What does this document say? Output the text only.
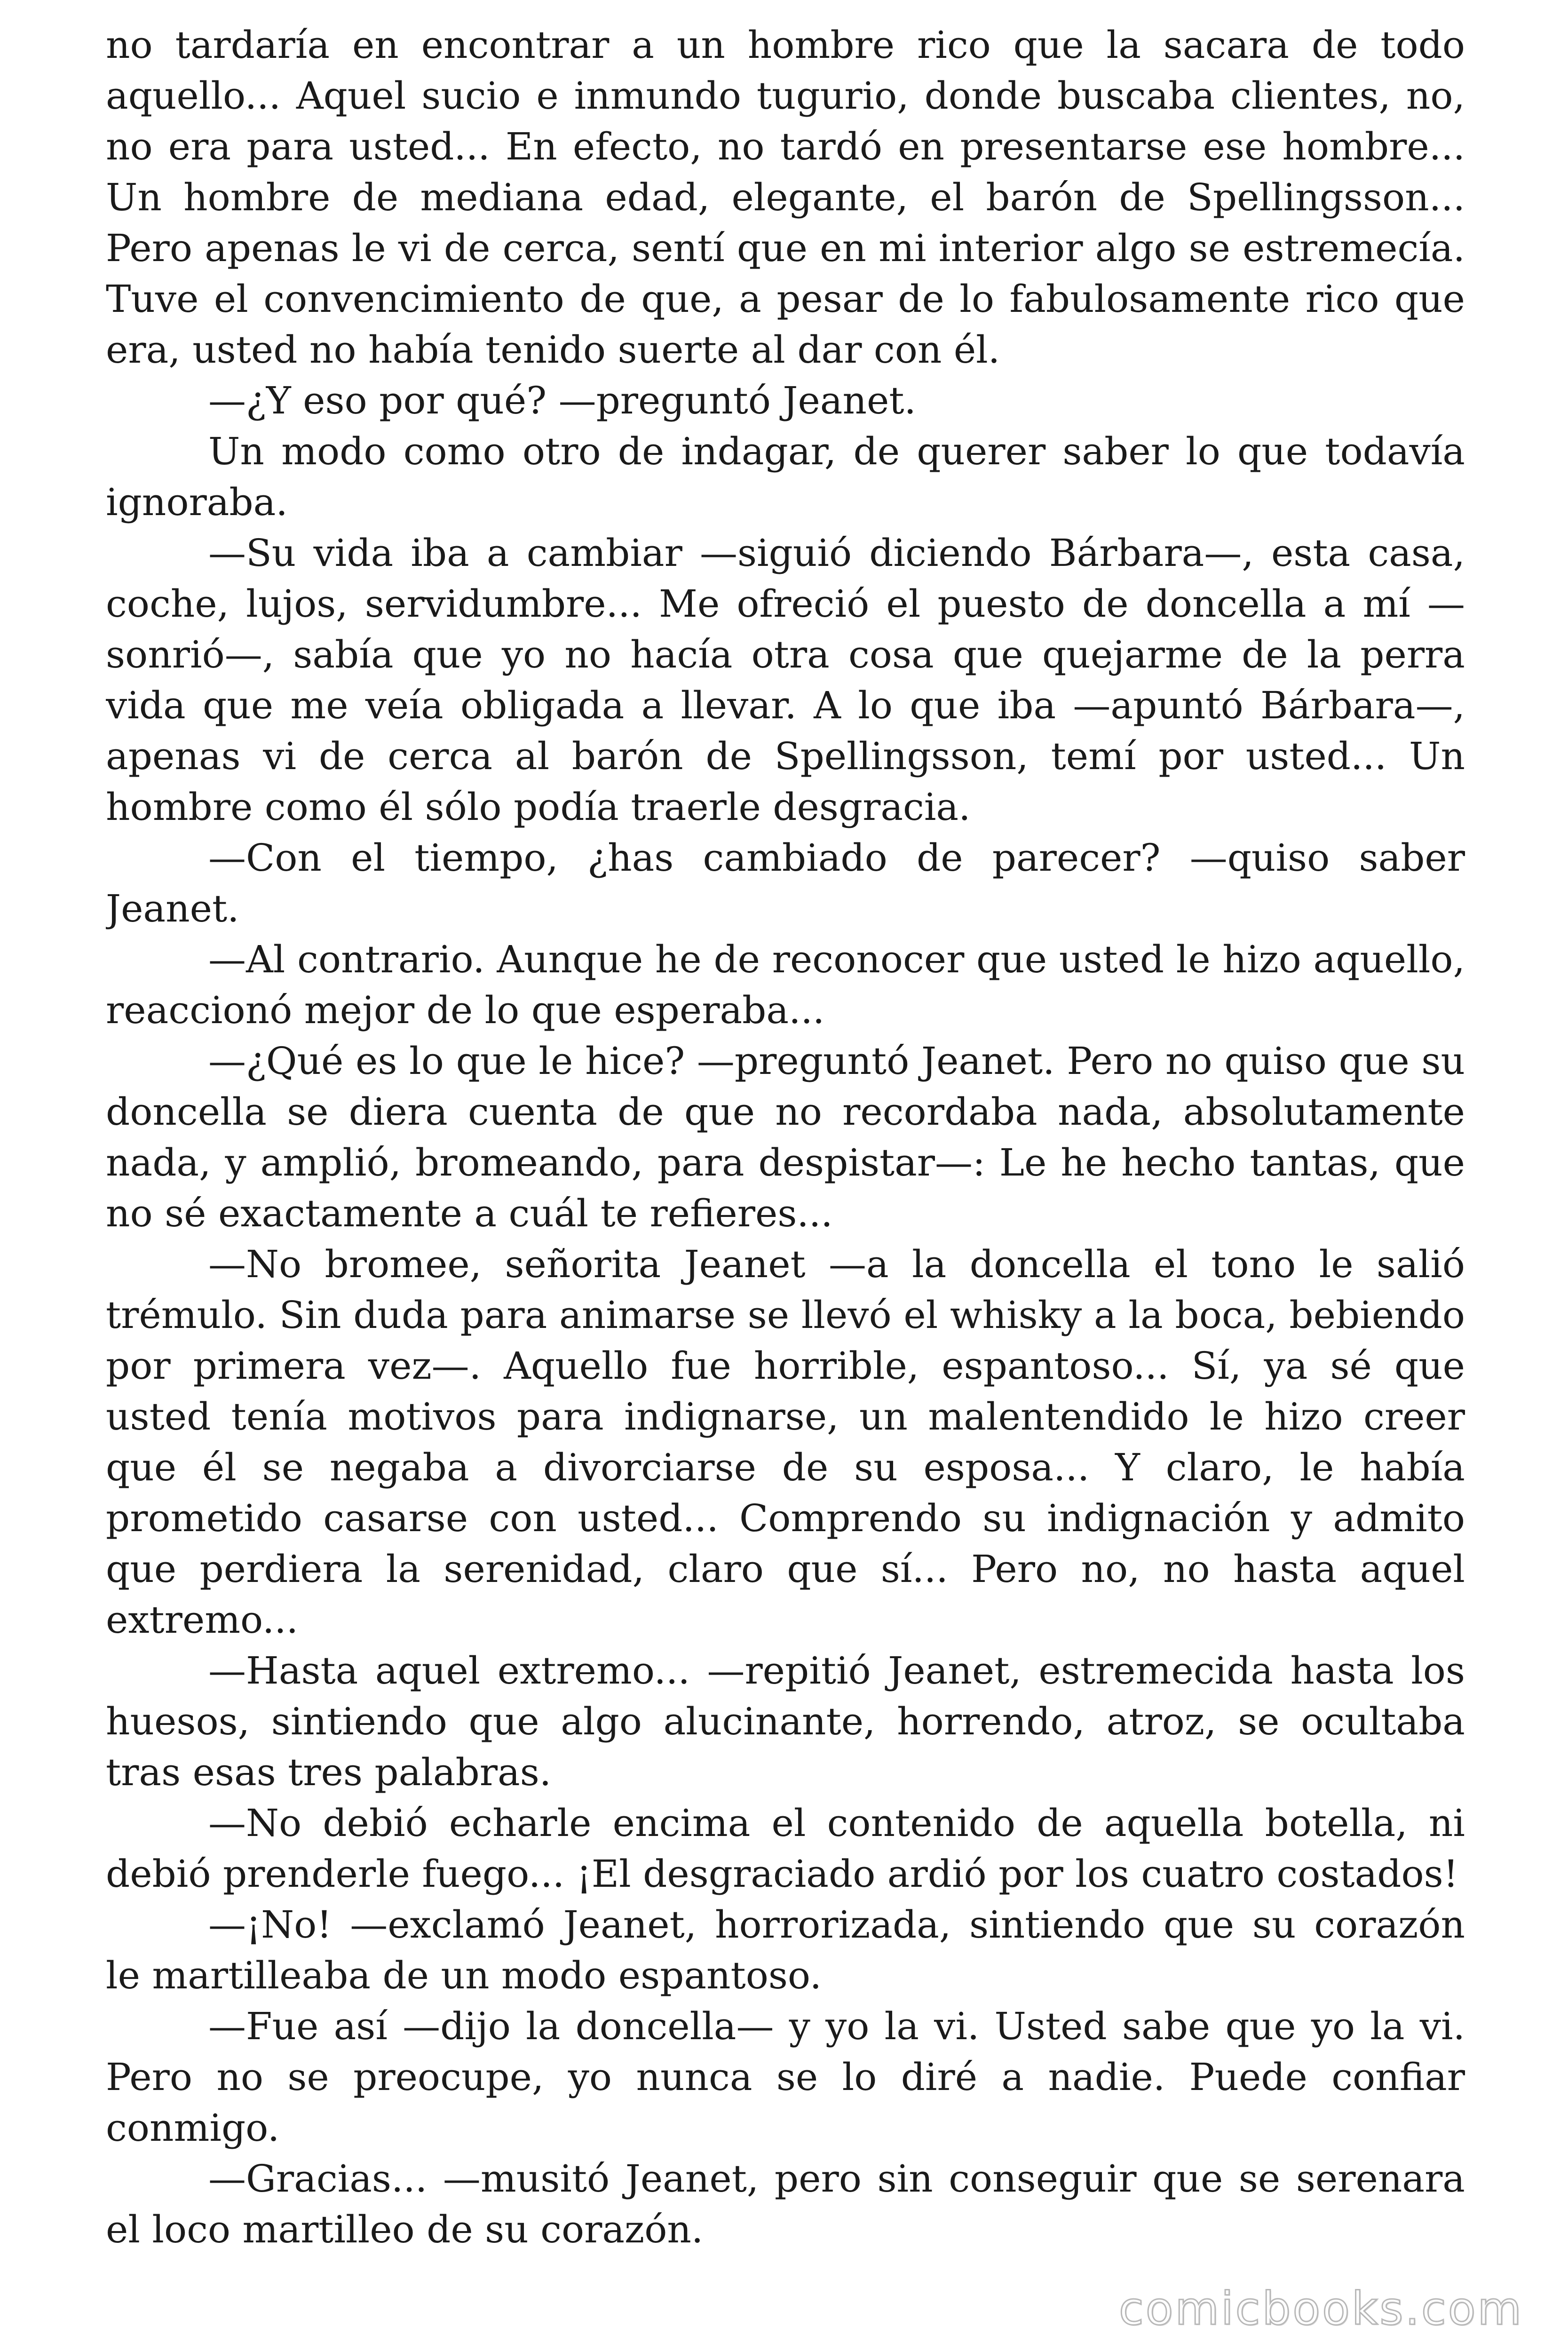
no tardaría en encontrar a un hombre rico que la sacara de todo aquello... Aquel sucio e inmundo tugurio, donde buscaba clientes, no, no era para usted... En efecto, no tardó en presentarse ese hombre... Un hombre de mediana edad, elegante, el barón de Spellingsson... Pero apenas le vi de cerca, sentí que en mi interior algo se estremecía. Tuve el convencimiento de que, a pesar de lo fabulosamente rico que era, usted no había tenido suerte al dar con él.

—¿Y eso por qué? —preguntó Jeanet.

Un modo como otro de indagar, de querer saber lo que todavía ignoraba.

—Su vida iba a cambiar —siguió diciendo Bárbara—, esta casa, coche, lujos, servidumbre... Me ofreció el puesto de doncella a mí —sonrió—, sabía que yo no hacía otra cosa que quejarme de la perra vida que me veía obligada a llevar. A lo que iba —apuntó Bárbara—, apenas vi de cerca al barón de Spellingsson, temí por usted... Un hombre como él sólo podía traerle desgracia.

—Con el tiempo, ¿has cambiado de parecer? —quiso saber Jeanet.

—Al contrario. Aunque he de reconocer que usted le hizo aquello, reaccionó mejor de lo que esperaba...

—¿Qué es lo que le hice? —preguntó Jeanet. Pero no quiso que su doncella se diera cuenta de que no recordaba nada, absolutamente nada, y amplió, bromeando, para despistar—: Le he hecho tantas, que no sé exactamente a cuál te refieres...

—No bromee, señorita Jeanet —a la doncella el tono le salió trémulo. Sin duda para animarse se llevó el whisky a la boca, bebiendo por primera vez—. Aquello fue horrible, espantoso... Sí, ya sé que usted tenía motivos para indignarse, un malentendido le hizo creer que él se negaba a divorciarse de su esposa... Y claro, le había prometido casarse con usted... Comprendo su indignación y admito que perdiera la serenidad, claro que sí... Pero no, no hasta aquel extremo...

—Hasta aquel extremo... —repitió Jeanet, estremecida hasta los huesos, sintiendo que algo alucinante, horrendo, atroz, se ocultaba tras esas tres palabras.

—No debió echarle encima el contenido de aquella botella, ni debió prenderle fuego... ¡El desgraciado ardió por los cuatro costados!

—¡No! —exclamó Jeanet, horrorizada, sintiendo que su corazón le martilleaba de un modo espantoso.

—Fue así —dijo la doncella— y yo la vi. Usted sabe que yo la vi. Pero no se preocupe, yo nunca se lo diré a nadie. Puede confiar conmigo.

—Gracias... —musitó Jeanet, pero sin conseguir que se serenara el loco martilleo de su corazón.

comicbooks.com
